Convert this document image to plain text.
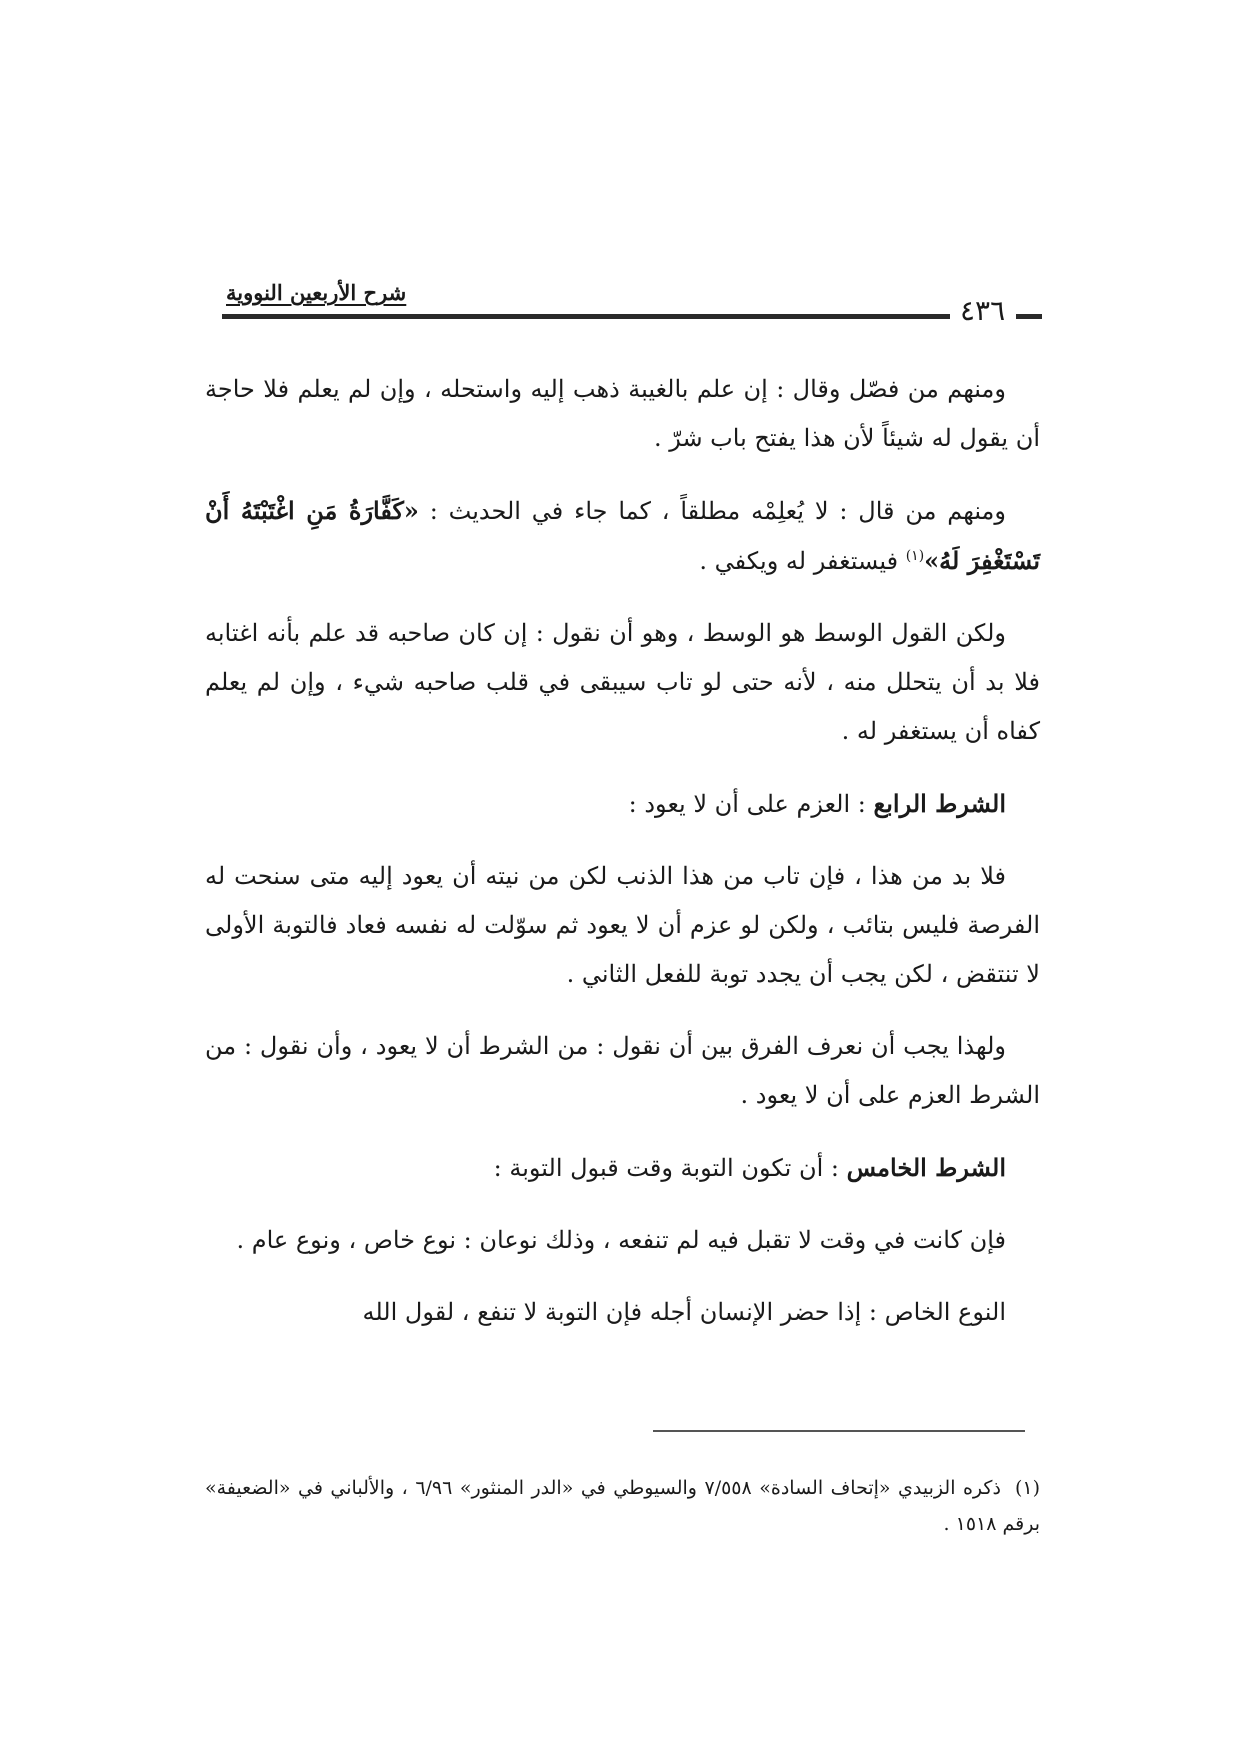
شرح الأربعين النووية
٤٣٦

ومنهم من فصّل وقال : إن علم بالغيبة ذهب إليه واستحله ، وإن لم يعلم فلا حاجة أن يقول له شيئاً لأن هذا يفتح باب شرّ .

ومنهم من قال : لا يُعلِمْه مطلقاً ، كما جاء في الحديث : «كَفَّارَةُ مَنِ اغْتَبْتَهُ أَنْ تَسْتَغْفِرَ لَهُ»$^{(١)}$ فيستغفر له ويكفي .

ولكن القول الوسط هو الوسط ، وهو أن نقول : إن كان صاحبه قد علم بأنه اغتابه فلا بد أن يتحلل منه ، لأنه حتى لو تاب سيبقى في قلب صاحبه شيء ، وإن لم يعلم كفاه أن يستغفر له .

الشرط الرابع : العزم على أن لا يعود :

فلا بد من هذا ، فإن تاب من هذا الذنب لكن من نيته أن يعود إليه متى سنحت له الفرصة فليس بتائب ، ولكن لو عزم أن لا يعود ثم سوّلت له نفسه فعاد فالتوبة الأولى لا تنتقض ، لكن يجب أن يجدد توبة للفعل الثاني .

ولهذا يجب أن نعرف الفرق بين أن نقول : من الشرط أن لا يعود ، وأن نقول : من الشرط العزم على أن لا يعود .

الشرط الخامس : أن تكون التوبة وقت قبول التوبة :

فإن كانت في وقت لا تقبل فيه لم تنفعه ، وذلك نوعان : نوع خاص ، ونوع عام .

النوع الخاص : إذا حضر الإنسان أجله فإن التوبة لا تنفع ، لقول الله

(١)ذكره الزبيدي «إتحاف السادة» ٧/٥٥٨ والسيوطي في «الدر المنثور» ٦/٩٦ ، والألباني في «الضعيفة» برقم ١٥١٨ .
